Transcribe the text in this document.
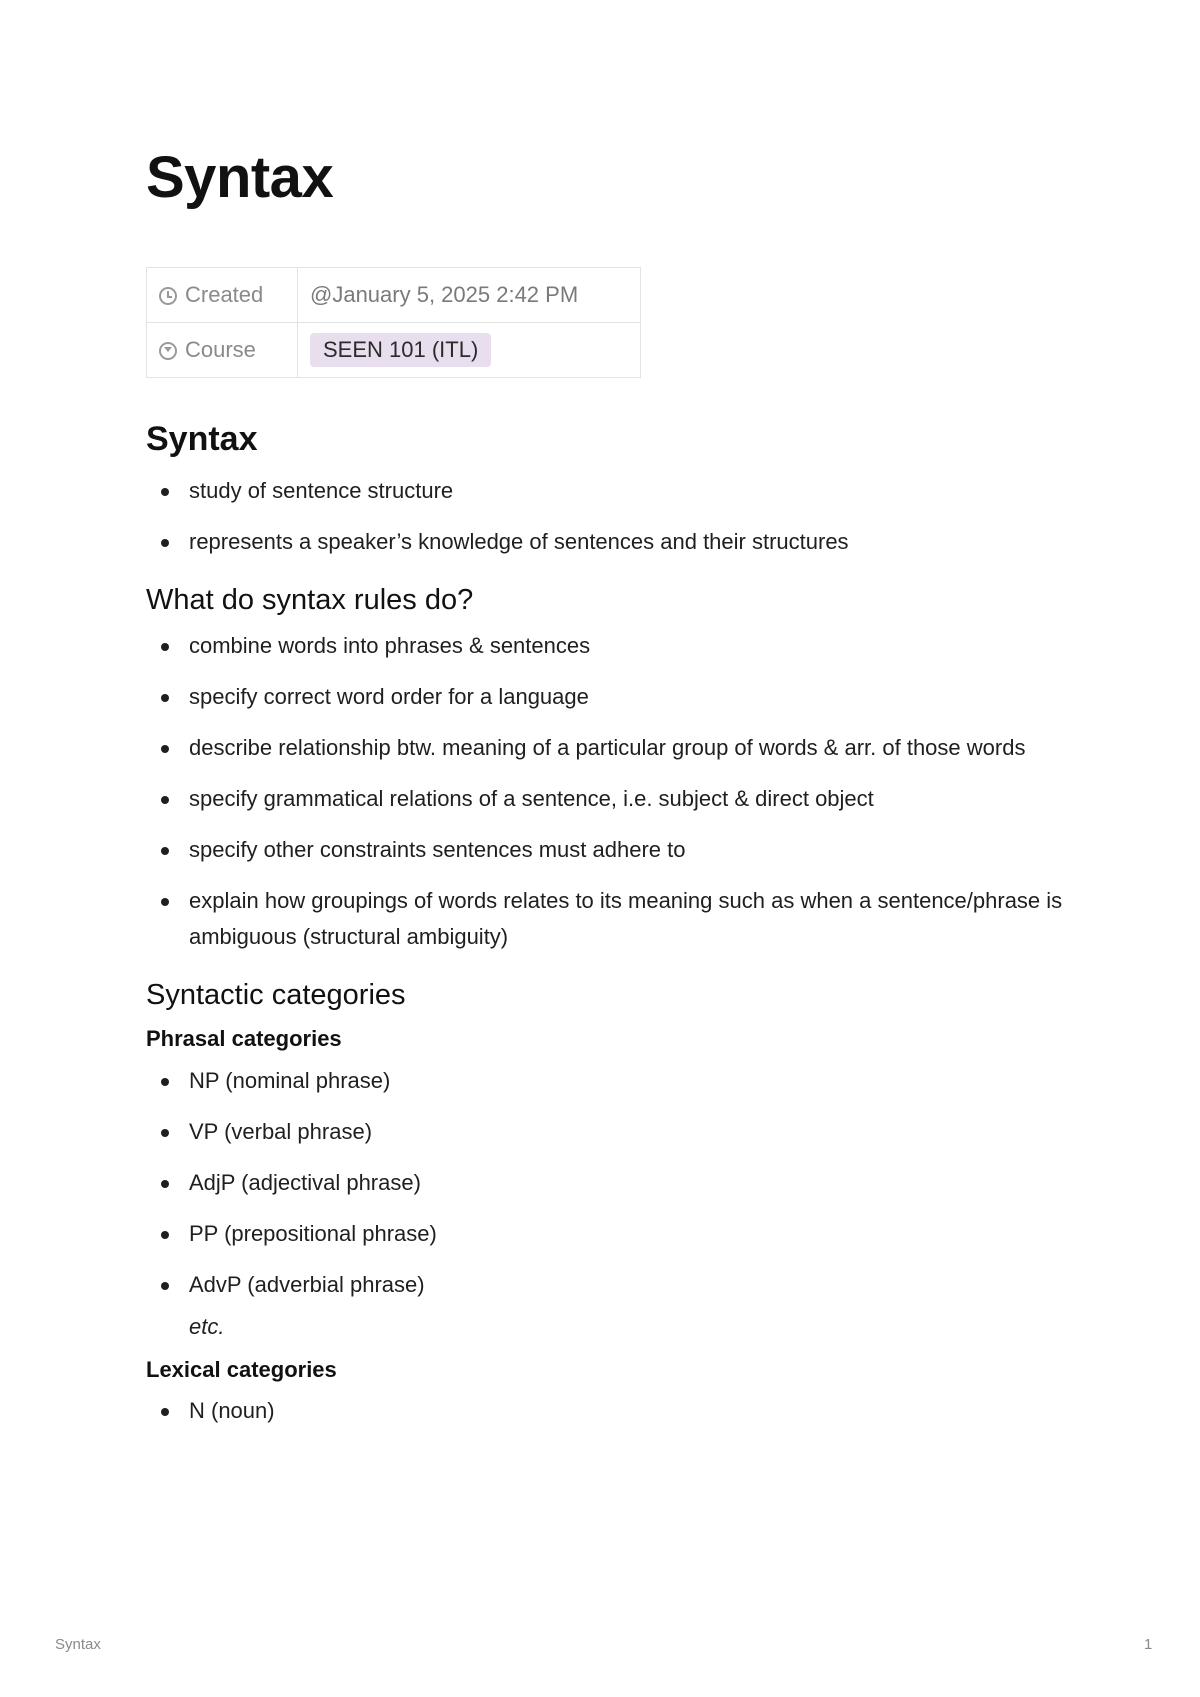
Syntax
Created	@January 5, 2025 2:42 PM
Course	SEEN 101 (ITL)
Syntax
study of sentence structure
represents a speaker’s knowledge of sentences and their structures
What do syntax rules do?
combine words into phrases & sentences
specify correct word order for a language
describe relationship btw. meaning of a particular group of words & arr. of those words
specify grammatical relations of a sentence, i.e. subject & direct object
specify other constraints sentences must adhere to
explain how groupings of words relates to its meaning such as when a sentence/phrase is ambiguous (structural ambiguity)
Syntactic categories
Phrasal categories
NP (nominal phrase)
VP (verbal phrase)
AdjP (adjectival phrase)
PP (prepositional phrase)
AdvP (adverbial phrase)
etc.
Lexical categories
N (noun)
Syntax	1
